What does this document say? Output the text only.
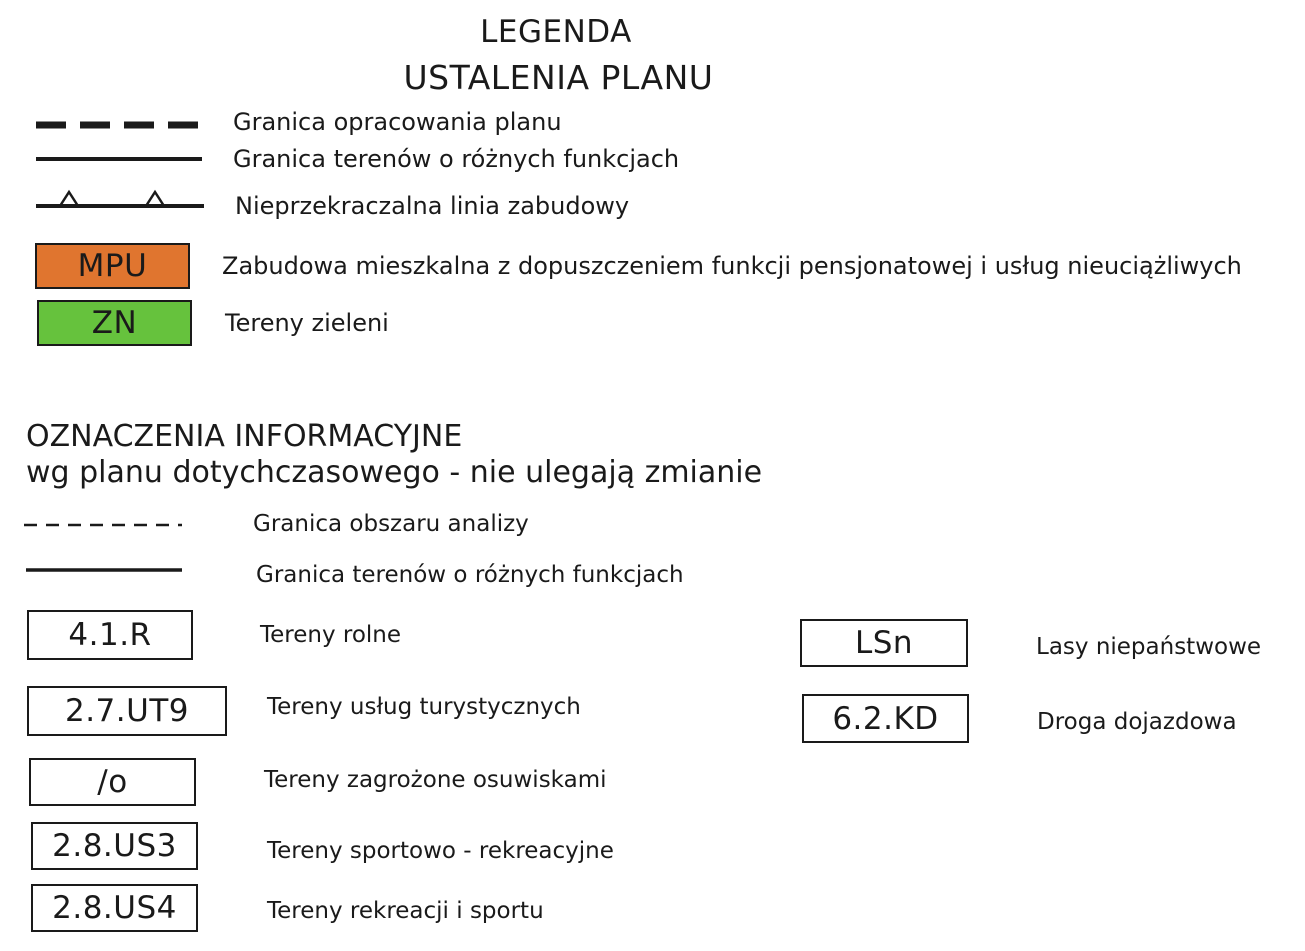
LEGENDA
USTALENIA PLANU
Granica opracowania planu
Granica terenów o różnych funkcjach
Nieprzekraczalna linia zabudowy
MPU	Zabudowa mieszkalna z dopuszczeniem funkcji pensjonatowej i usług nieuciążliwych
ZN	Tereny zieleni
OZNACZENIA INFORMACYJNE
wg planu dotychczasowego - nie ulegają zmianie
Granica obszaru analizy
Granica terenów o różnych funkcjach
4.1.R	Tereny rolne
2.7.UT9	Tereny usług turystycznych
/o	Tereny zagrożone osuwiskami
2.8.US3	Tereny sportowo - rekreacyjne
2.8.US4	Tereny rekreacji i sportu
LSn	Lasy niepaństwowe
6.2.KD	Droga dojazdowa
